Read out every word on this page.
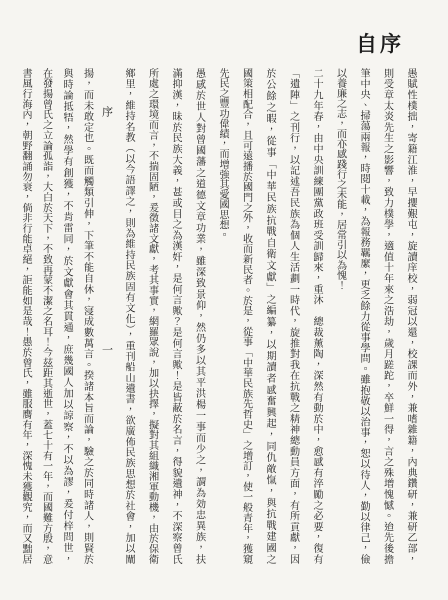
自序
愚賦性樸拙，寄籍江淮，早攖艱屯，旋讀庠校，弱冠以還，校課而外，兼嗜雜籍，內典鑽研，兼研乙部，
則受章太炎先生之影響，致力樸學，適值十年來之浩劫，歲月蹉跎，卒鮮一得，言之殊增愧憾。迨先後擔
筆中央、掃蕩兩報，時閱十載，為報務羈縻，更乏餘力從事學問。雖抱敬以治事，恕以待人，勤以律己，儉
以養廉之志，而亦感踐行之未能，居常引以為愧！
二十九年春，由中央訓練團黨政班受訓歸來，重沐　總裁薰陶，深然有動於中，愈感有淬勵之必要，復有
「遺陣」之刊行，以記述吾民族為個人生活劃一時代，旋推對我在抗戰之精神總動員方面，有所貢獻，因
於公餘之暇，從事「中華民族抗戰自衛文獻」之編纂，以期讀者感奮興起，同仇敵愾，與抗戰建國之
國策相配合，且可遠播於國門之外，收而新民者。於是，從事「中華民族先哲史」之增訂，使一般青年，獲窺
先民之豐功偉績，而增強其愛國思想。
愚感於世人對曾國藩之道德文章功業，雖深致景仰，然仍多以其平洪楊一事而少之，謂為効忠異族，扶
滿抑漢，昧於民族大義，甚或目之為漢奸，是何言歟？是何言歟！是皆蔽於名言，得貌遺神，不深察曾氏
所處之環境而言，不揣固陋，爰徵諸文獻，考其事實，網羅眾說，加以抉擇，擬對其組織湘軍動機，由於保衛
鄉里，維持名教（以今語譯之，則為維持民族固有文化），重刊船山遺書，欲廣佈民族思想於社會，加以闡
序
一
揚，而未敢定也。既而觸類引伸，下筆不能自休，寖成數萬言。揆諸本旨而論，驗之於同時諸人，則賢於
與時論抵牾，然學有創獲，不肯雷同，於文獻會其貫通，庶幾國人加以諒察，不以為謬，爰付梓問世，
在發揚曾氏之立論孤詣，大白於天下，不致再蒙不潔之名耳！今茲距其逝世，蓋七十有一年，而國難方殷，意
書風行海內，朝野翻誦勿衰，倘非行能卓絕，詎能如是哉！愚於曾氏，雖服膺有年，深愧未獲觀究，而又黜居
